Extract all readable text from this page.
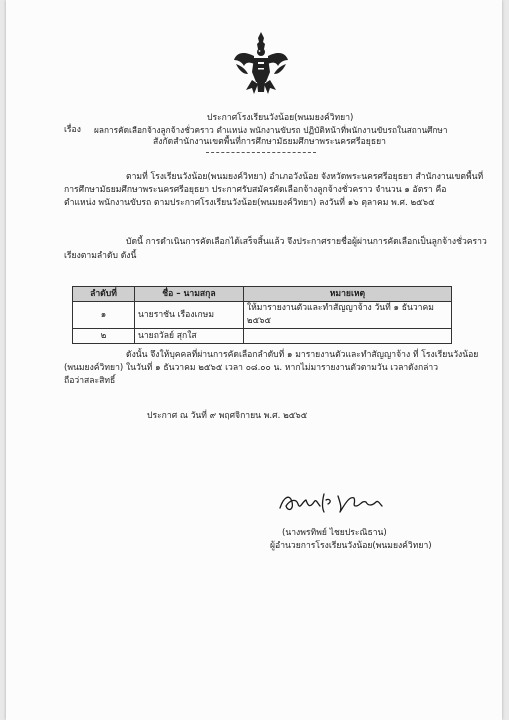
ประกาศโรงเรียนวังน้อย(พนมยงค์วิทยา)
เรื่อง ผลการคัดเลือกจ้างลูกจ้างชั่วคราว ตำแหน่ง พนักงานขับรถ ปฏิบัติหน้าที่พนักงานขับรถในสถานศึกษา
สังกัดสำนักงานเขตพื้นที่การศึกษามัธยมศึกษาพระนครศรีอยุธยา
ตามที่ โรงเรียนวังน้อย(พนมยงค์วิทยา) อำเภอวังน้อย จังหวัดพระนครศรีอยุธยา สำนักงานเขตพื้นที่
การศึกษามัธยมศึกษาพระนครศรีอยุธยา ประกาศรับสมัครคัดเลือกจ้างลูกจ้างชั่วคราว จำนวน ๑ อัตรา คือ
ตำแหน่ง พนักงานขับรถ ตามประกาศโรงเรียนวังน้อย(พนมยงค์วิทยา) ลงวันที่ ๑๖ ตุลาคม พ.ศ. ๒๕๖๕
บัดนี้ การดำเนินการคัดเลือกได้เสร็จสิ้นแล้ว จึงประกาศรายชื่อผู้ผ่านการคัดเลือกเป็นลูกจ้างชั่วคราว
เรียงตามลำดับ ดังนี้
ลำดับที่	ชื่อ – นามสกุล	หมายเหตุ
๑	นายราชัน เรืองเกษม	ให้มารายงานตัวและทำสัญญาจ้าง วันที่ ๑ ธันวาคม ๒๕๖๕
๒	นายถวัลย์ สุกใส	
ดังนั้น จึงให้บุคคลที่ผ่านการคัดเลือกลำดับที่ ๑ มารายงานตัวและทำสัญญาจ้าง ที่ โรงเรียนวังน้อย
(พนมยงค์วิทยา) ในวันที่ ๑ ธันวาคม ๒๕๖๕ เวลา ๐๘.๐๐ น. หากไม่มารายงานตัวตามวัน เวลาดังกล่าว
ถือว่าสละสิทธิ์
ประกาศ ณ วันที่ ๙ พฤศจิกายน พ.ศ. ๒๕๖๕
(นางพรทิพย์ ไชยประณิธาน)
ผู้อำนวยการโรงเรียนวังน้อย(พนมยงค์วิทยา)
